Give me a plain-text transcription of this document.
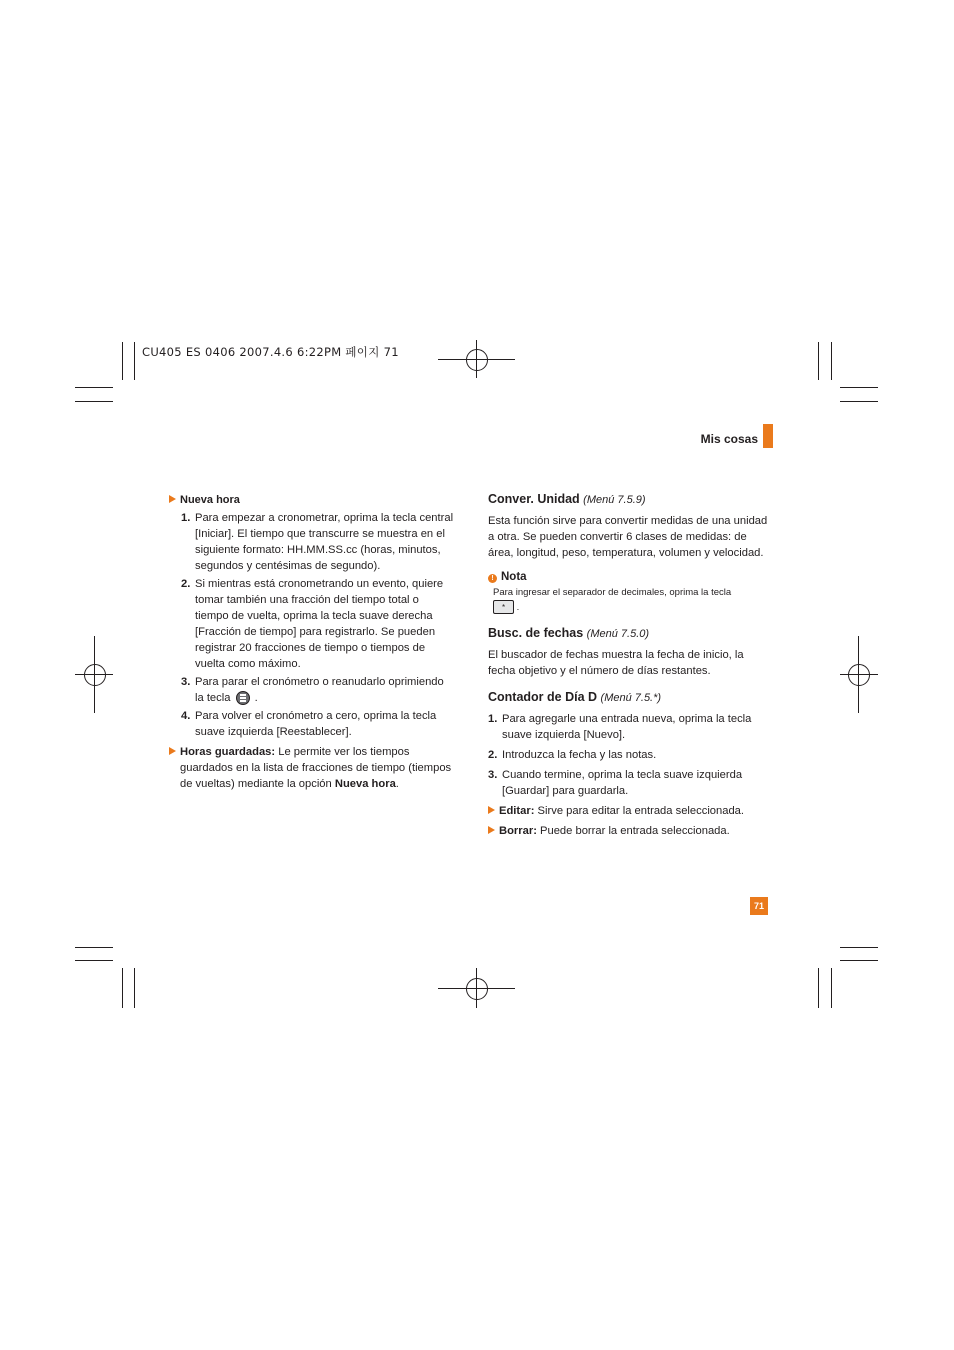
CU405 ES 0406 2007.4.6 6:22PM 페이지 71
Mis cosas

Nueva hora

1. Para empezar a cronometrar, oprima la tecla central [Iniciar]. El tiempo que transcurre se muestra en el siguiente formato: HH.MM.SS.cc (horas, minutos, segundos y centésimas de segundo).

2. Si mientras está cronometrando un evento, quiere tomar también una fracción del tiempo total o tiempo de vuelta, oprima la tecla suave derecha [Fracción de tiempo] para registrarlo. Se pueden registrar 20 fracciones de tiempo o tiempos de vuelta como máximo.

3. Para parar el cronómetro o reanudarlo oprimiendo la tecla .

4. Para volver el cronómetro a cero, oprima la tecla suave izquierda [Reestablecer].

Horas guardadas: Le permite ver los tiempos guardados en la lista de fracciones de tiempo (tiempos de vueltas) mediante la opción Nueva hora.

Conver. Unidad (Menú 7.5.9)

Esta función sirve para convertir medidas de una unidad a otra. Se pueden convertir 6 clases de medidas: de área, longitud, peso, temperatura, volumen y velocidad.

! Nota

Para ingresar el separador de decimales, oprima la tecla
* .

Busc. de fechas (Menú 7.5.0)

El buscador de fechas muestra la fecha de inicio, la fecha objetivo y el número de días restantes.

Contador de Día D (Menú 7.5.*)

1. Para agregarle una entrada nueva, oprima la tecla suave izquierda [Nuevo].

2. Introduzca la fecha y las notas.

3. Cuando termine, oprima la tecla suave izquierda [Guardar] para guardarla.

Editar: Sirve para editar la entrada seleccionada.

Borrar: Puede borrar la entrada seleccionada.

71
